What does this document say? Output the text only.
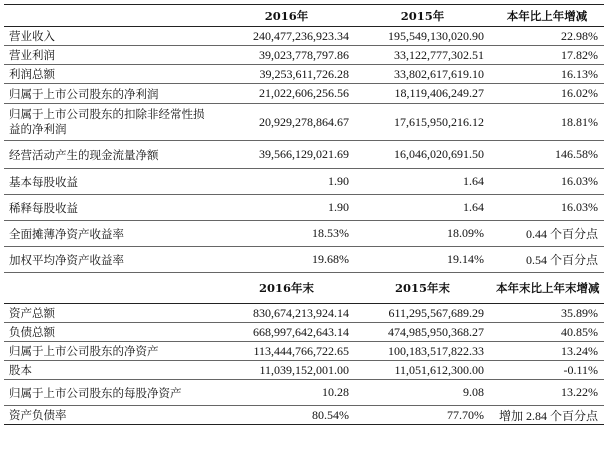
	2016年	2015年	本年比上年增减
营业收入	240,477,236,923.34	195,549,130,020.90	22.98%
营业利润	39,023,778,797.86	33,122,777,302.51	17.82%
利润总额	39,253,611,726.28	33,802,617,619.10	16.13%
归属于上市公司股东的净利润	21,022,606,256.56	18,119,406,249.27	16.02%
归属于上市公司股东的扣除非经常性损益的净利润	20,929,278,864.67	17,615,950,216.12	18.81%
经营活动产生的现金流量净额	39,566,129,021.69	16,046,020,691.50	146.58%
基本每股收益	1.90	1.64	16.03%
稀释每股收益	1.90	1.64	16.03%
全面摊薄净资产收益率	18.53%	18.09%	0.44 个百分点
加权平均净资产收益率	19.68%	19.14%	0.54 个百分点
	2016年末	2015年末	本年末比上年末增减
资产总额	830,674,213,924.14	611,295,567,689.29	35.89%
负债总额	668,997,642,643.14	474,985,950,368.27	40.85%
归属于上市公司股东的净资产	113,444,766,722.65	100,183,517,822.33	13.24%
股本	11,039,152,001.00	11,051,612,300.00	-0.11%
归属于上市公司股东的每股净资产	10.28	9.08	13.22%
资产负债率	80.54%	77.70%	增加 2.84 个百分点
